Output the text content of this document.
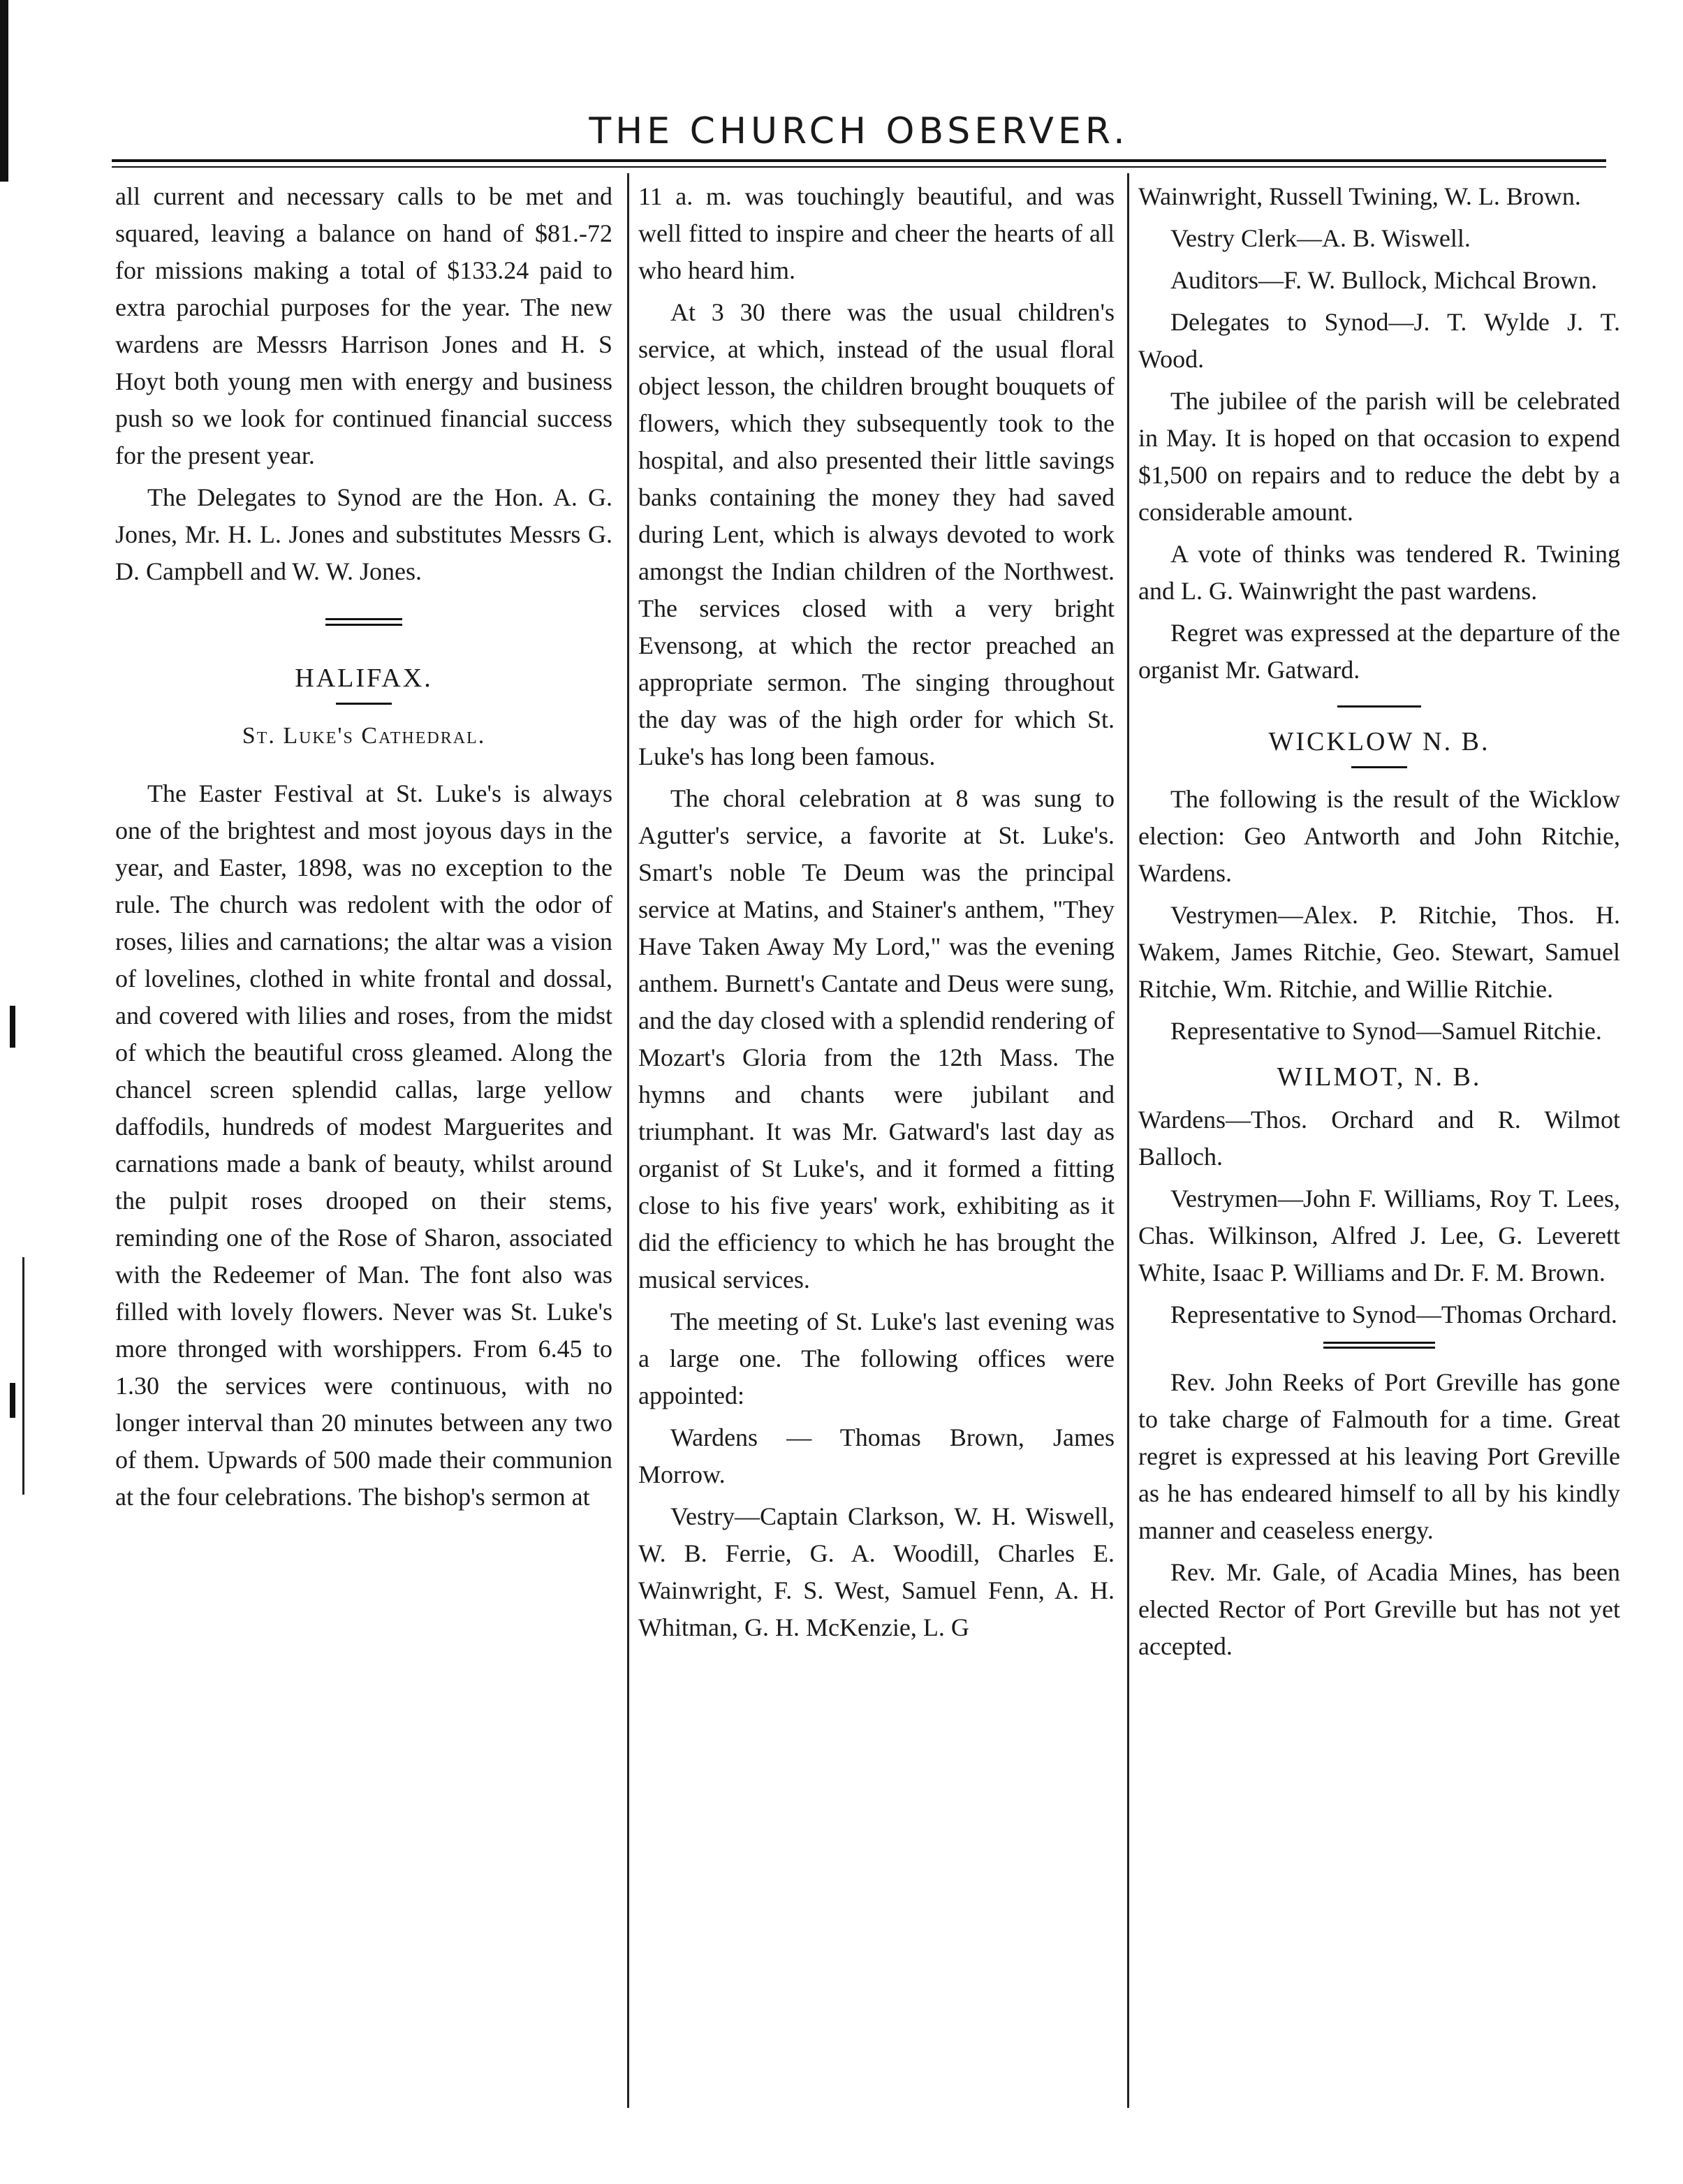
THE CHURCH OBSERVER.

all current and necessary calls to be met and squared, leaving a balance on hand of $81.-72 for missions making a total of $133.24 paid to extra parochial purposes for the year. The new wardens are Messrs Harrison Jones and H. S Hoyt both young men with energy and business push so we look for continued financial success for the present year.

The Delegates to Synod are the Hon. A. G. Jones, Mr. H. L. Jones and substitutes Messrs G. D. Campbell and W. W. Jones.

HALIFAX.
St. Luke's Cathedral.

The Easter Festival at St. Luke's is always one of the brightest and most joyous days in the year, and Easter, 1898, was no exception to the rule. The church was redolent with the odor of roses, lilies and carnations; the altar was a vision of lovelines, clothed in white frontal and dossal, and covered with lilies and roses, from the midst of which the beautiful cross gleamed. Along the chancel screen splendid callas, large yellow daffodils, hundreds of modest Marguerites and carnations made a bank of beauty, whilst around the pulpit roses drooped on their stems, reminding one of the Rose of Sharon, associated with the Redeemer of Man. The font also was filled with lovely flowers. Never was St. Luke's more thronged with worshippers. From 6.45 to 1.30 the services were continuous, with no longer interval than 20 minutes between any two of them. Upwards of 500 made their communion at the four celebrations. The bishop's sermon at

11 a. m. was touchingly beautiful, and was well fitted to inspire and cheer the hearts of all who heard him.

At 3 30 there was the usual children's service, at which, instead of the usual floral object lesson, the children brought bouquets of flowers, which they subsequently took to the hospital, and also presented their little savings banks containing the money they had saved during Lent, which is always devoted to work amongst the Indian children of the Northwest. The services closed with a very bright Evensong, at which the rector preached an appropriate sermon. The singing throughout the day was of the high order for which St. Luke's has long been famous.

The choral celebration at 8 was sung to Agutter's service, a favorite at St. Luke's. Smart's noble Te Deum was the principal service at Matins, and Stainer's anthem, "They Have Taken Away My Lord," was the evening anthem. Burnett's Cantate and Deus were sung, and the day closed with a splendid rendering of Mozart's Gloria from the 12th Mass. The hymns and chants were jubilant and triumphant. It was Mr. Gatward's last day as organist of St Luke's, and it formed a fitting close to his five years' work, exhibiting as it did the efficiency to which he has brought the musical services.

The meeting of St. Luke's last evening was a large one. The following offices were appointed:

Wardens — Thomas Brown, James Morrow.

Vestry—Captain Clarkson, W. H. Wiswell, W. B. Ferrie, G. A. Woodill, Charles E. Wainwright, F. S. West, Samuel Fenn, A. H. Whitman, G. H. McKenzie, L. G

Wainwright, Russell Twining, W. L. Brown.

Vestry Clerk—A. B. Wiswell.

Auditors—F. W. Bullock, Michcal Brown.

Delegates to Synod—J. T. Wylde J. T. Wood.

The jubilee of the parish will be celebrated in May. It is hoped on that occasion to expend $1,500 on repairs and to reduce the debt by a considerable amount.

A vote of thinks was tendered R. Twining and L. G. Wainwright the past wardens.

Regret was expressed at the departure of the organist Mr. Gatward.

WICKLOW N. B.

The following is the result of the Wicklow election: Geo Antworth and John Ritchie, Wardens.

Vestrymen—Alex. P. Ritchie, Thos. H. Wakem, James Ritchie, Geo. Stewart, Samuel Ritchie, Wm. Ritchie, and Willie Ritchie.

Representative to Synod—Samuel Ritchie.

WILMOT, N. B.

Wardens—Thos. Orchard and R. Wilmot Balloch.

Vestrymen—John F. Williams, Roy T. Lees, Chas. Wilkinson, Alfred J. Lee, G. Leverett White, Isaac P. Williams and Dr. F. M. Brown.

Representative to Synod—Thomas Orchard.

Rev. John Reeks of Port Greville has gone to take charge of Falmouth for a time. Great regret is expressed at his leaving Port Greville as he has endeared himself to all by his kindly manner and ceaseless energy.

Rev. Mr. Gale, of Acadia Mines, has been elected Rector of Port Greville but has not yet accepted.
